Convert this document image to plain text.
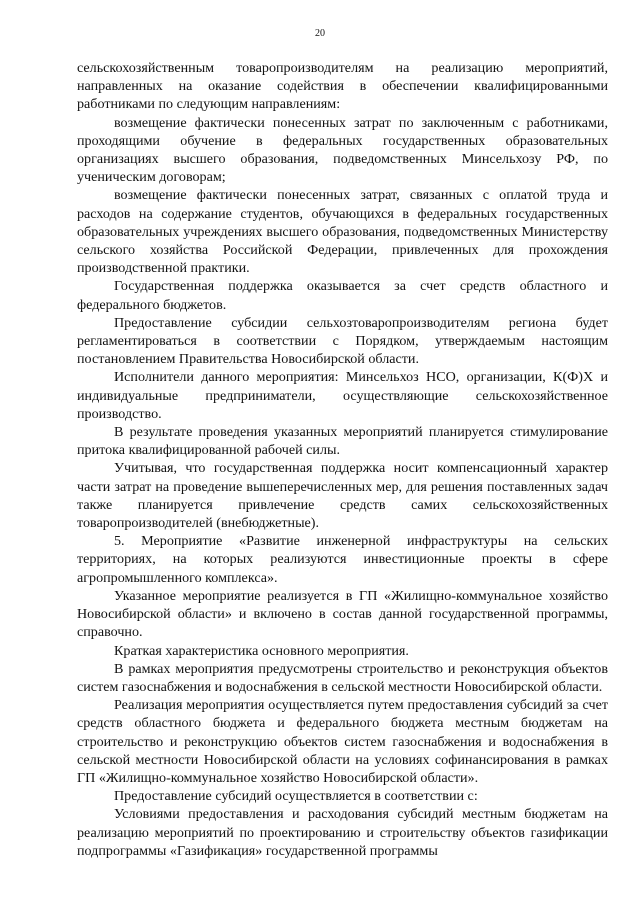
20

сельскохозяйственным товаропроизводителям на реализацию мероприятий, направленных на оказание содействия в обеспечении квалифицированными работниками по следующим направлениям:

возмещение фактически понесенных затрат по заключенным с работниками, проходящими обучение в федеральных государственных образовательных организациях высшего образования, подведомственных Минсельхозу РФ, по ученическим договорам;

возмещение фактически понесенных затрат, связанных с оплатой труда и расходов на содержание студентов, обучающихся в федеральных государственных образовательных учреждениях высшего образования, подведомственных Министерству сельского хозяйства Российской Федерации, привлеченных для прохождения производственной практики.

Государственная поддержка оказывается за счет средств областного и федерального бюджетов.

Предоставление субсидии сельхозтоваропроизводителям региона будет регламентироваться в соответствии с Порядком, утверждаемым настоящим постановлением Правительства Новосибирской области.

Исполнители данного мероприятия: Минсельхоз НСО, организации, К(Ф)Х и индивидуальные предприниматели, осуществляющие сельскохозяйственное производство.

В результате проведения указанных мероприятий планируется стимулирование притока квалифицированной рабочей силы.

Учитывая, что государственная поддержка носит компенсационный характер части затрат на проведение вышеперечисленных мер, для решения поставленных задач также планируется привлечение средств самих сельскохозяйственных товаропроизводителей (внебюджетные).

5. Мероприятие «Развитие инженерной инфраструктуры на сельских территориях, на которых реализуются инвестиционные проекты в сфере агропромышленного комплекса».

Указанное мероприятие реализуется в ГП «Жилищно-коммунальное хозяйство Новосибирской области» и включено в состав данной государственной программы, справочно.

Краткая характеристика основного мероприятия.

В рамках мероприятия предусмотрены строительство и реконструкция объектов систем газоснабжения и водоснабжения в сельской местности Новосибирской области.

Реализация мероприятия осуществляется путем предоставления субсидий за счет средств областного бюджета и федерального бюджета местным бюджетам на строительство и реконструкцию объектов систем газоснабжения и водоснабжения в сельской местности Новосибирской области на условиях софинансирования в рамках ГП «Жилищно-коммунальное хозяйство Новосибирской области».

Предоставление субсидий осуществляется в соответствии с:

Условиями предоставления и расходования субсидий местным бюджетам на реализацию мероприятий по проектированию и строительству объектов газификации подпрограммы «Газификация» государственной программы
